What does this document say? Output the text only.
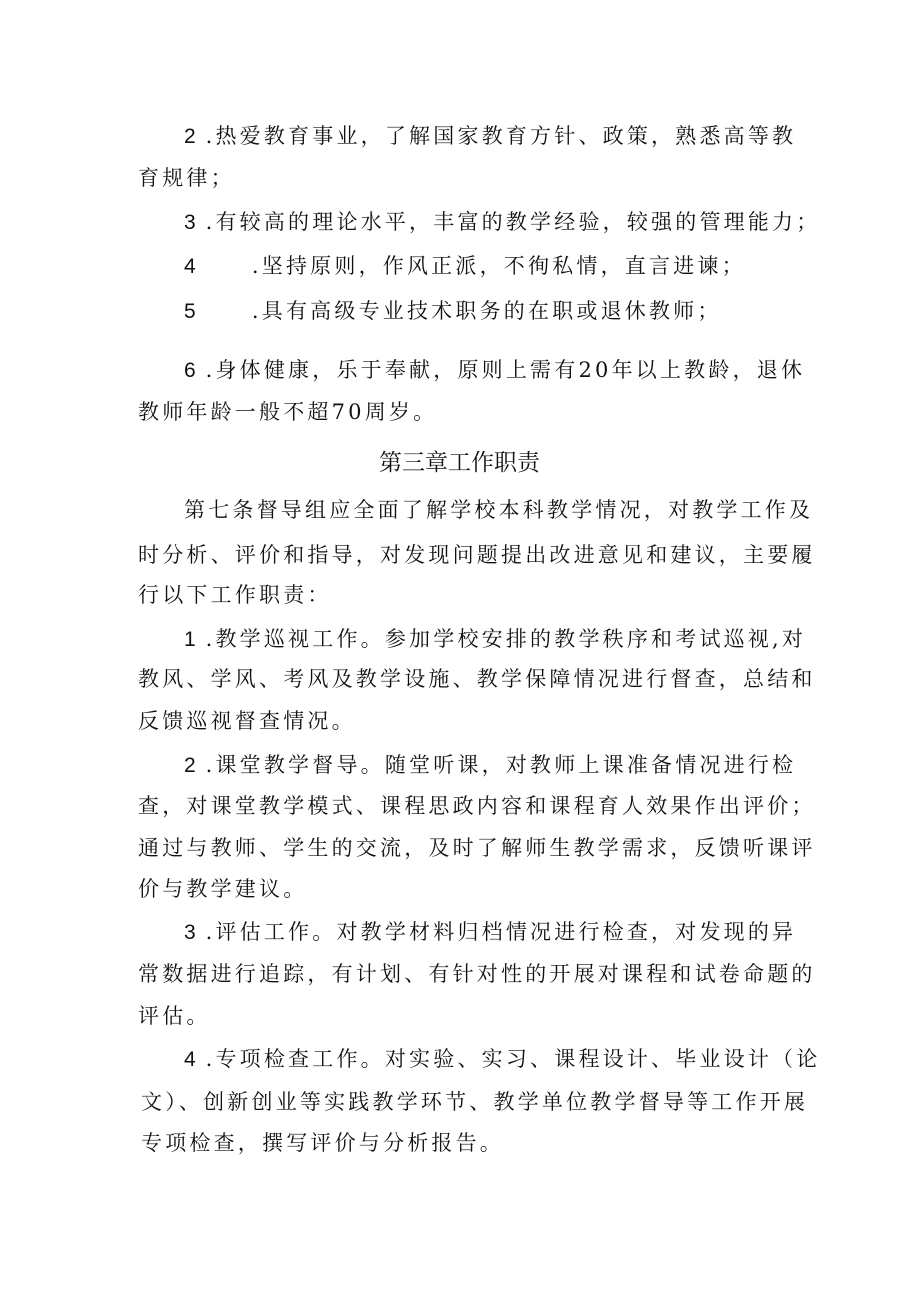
2 .热爱教育事业，了解国家教育方针、政策，熟悉高等教
育规律；
3 .有较高的理论水平，丰富的教学经验，较强的管理能力；
4	.坚持原则，作风正派，不徇私情，直言进谏；
5	.具有高级专业技术职务的在职或退休教师；
6 .身体健康，乐于奉献，原则上需有20年以上教龄，退休
教师年龄一般不超70周岁。
第三章工作职责
第七条督导组应全面了解学校本科教学情况，对教学工作及
时分析、评价和指导，对发现问题提出改进意见和建议，主要履
行以下工作职责：
1 .教学巡视工作。参加学校安排的教学秩序和考试巡视,对
教风、学风、考风及教学设施、教学保障情况进行督查，总结和
反馈巡视督查情况。
2 .课堂教学督导。随堂听课，对教师上课准备情况进行检
查，对课堂教学模式、课程思政内容和课程育人效果作出评价；
通过与教师、学生的交流，及时了解师生教学需求，反馈听课评
价与教学建议。
3 .评估工作。对教学材料归档情况进行检查，对发现的异
常数据进行追踪，有计划、有针对性的开展对课程和试卷命题的
评估。
4 .专项检查工作。对实验、实习、课程设计、毕业设计（论
文）、创新创业等实践教学环节、教学单位教学督导等工作开展
专项检查，撰写评价与分析报告。
